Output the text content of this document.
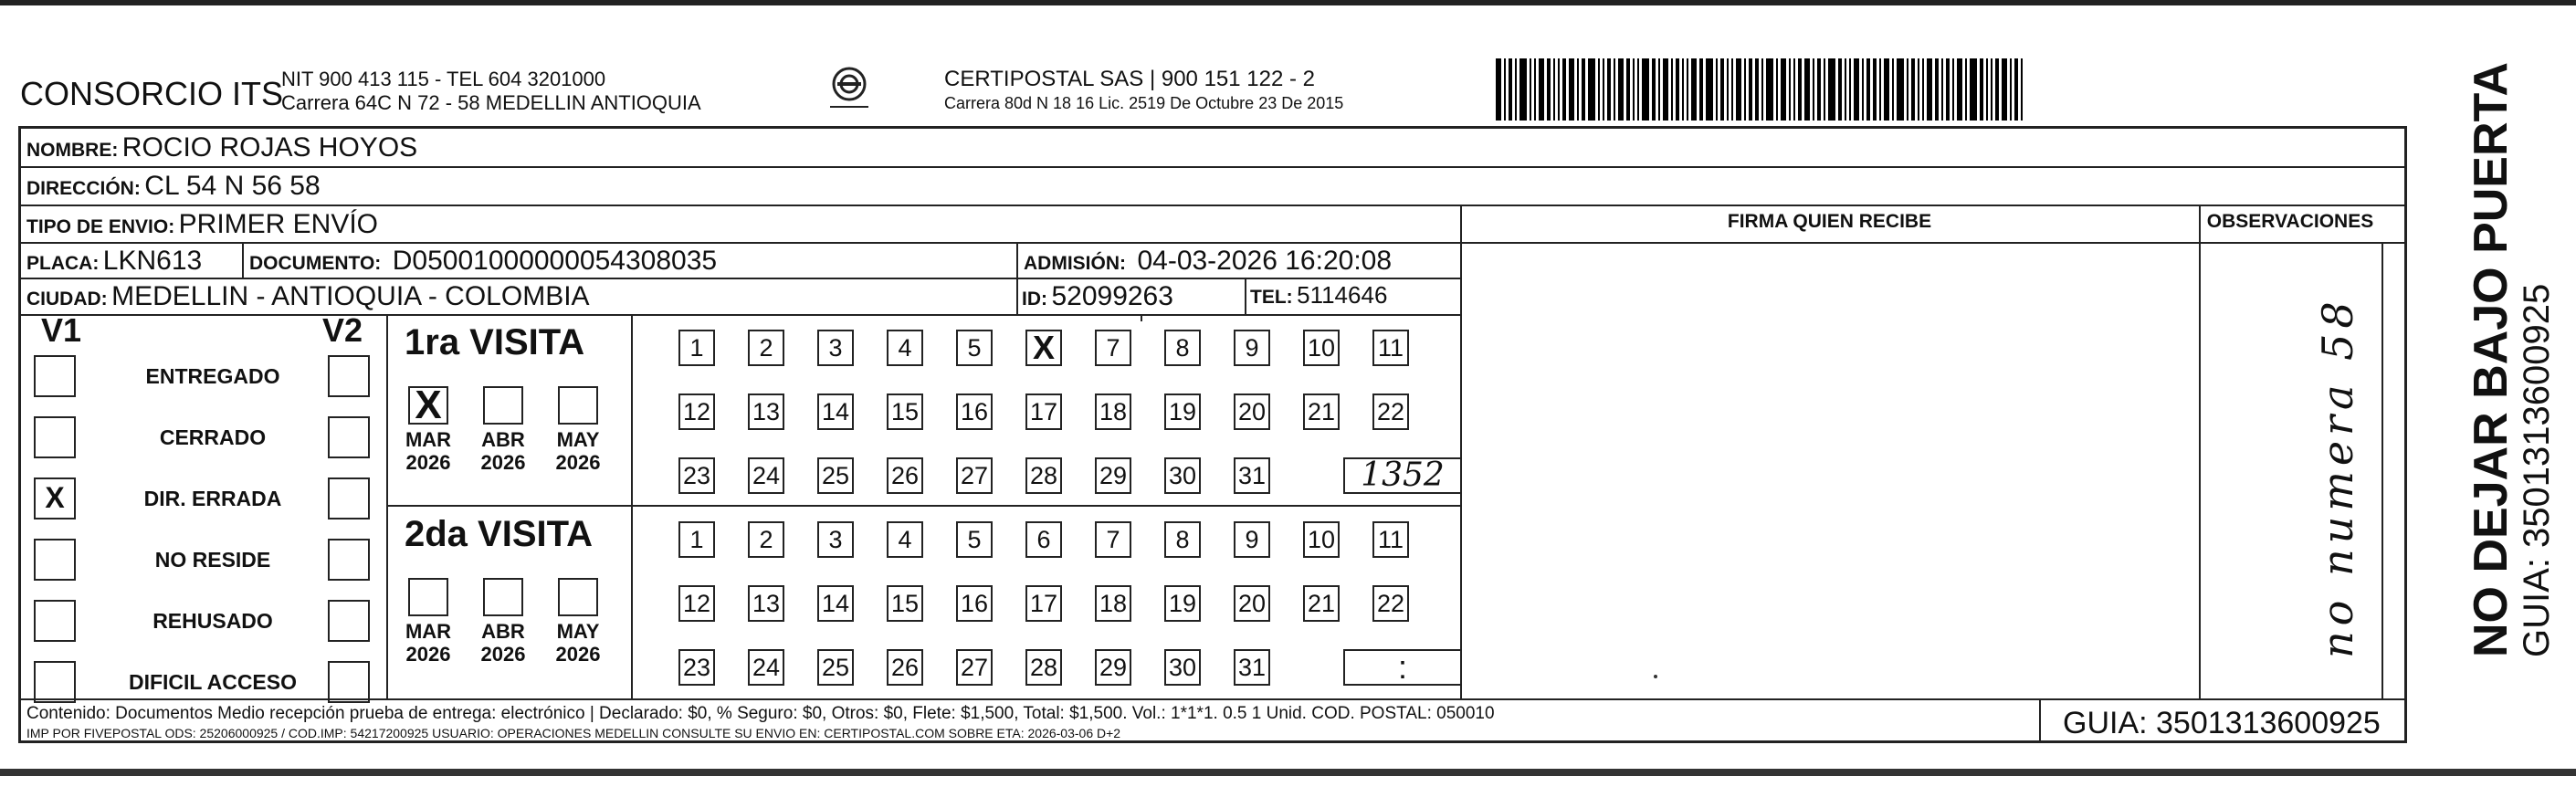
CONSORCIO ITS
NIT 900 413 115 - TEL 604 3201000
Carrera 64C N 72 - 58 MEDELLIN ANTIOQUIA
CERTIPOSTAL SAS | 900 151 122 - 2
Carrera 80d N 18 16 Lic. 2519 De Octubre 23 De 2015
NOMBRE: ROCIO ROJAS HOYOS
DIRECCIÓN: CL 54 N 56 58
TIPO DE ENVIO: PRIMER ENVÍO	FIRMA QUIEN RECIBE	OBSERVACIONES
PLACA: LKN613 DOCUMENTO: D05001000000054308035	ADMISIÓN: 04-03-2026 16:20:08
CIUDAD: MEDELLIN - ANTIOQUIA - COLOMBIA	ID: 52099263	TEL: 5114646
V1	V2
ENTREGADO
CERRADO
X	DIR. ERRADA
NO RESIDE
REHUSADO
DIFICIL ACCESO
1ra VISITA
X
MAR
2026
ABR
2026
MAY
2026
1	2	3	4	5	X	7	8	9	10 11
12 13 14 15 16 17 18 19 20 21 22
23 24 25 26 27 28 29 30 31	1352
2da VISITA
MAR
2026
ABR
2026
MAY
2026
1	2	3	4	5	6	7	8	9	10 11
12 13 14 15 16 17 18 19 20 21 22
23 24 25 26 27 28 29 30 31	:
no numera 58
Contenido: Documentos Medio recepción prueba de entrega: electrónico | Declarado: $0, % Seguro: $0, Otros: $0, Flete: $1,500, Total: $1,500. Vol.: 1*1*1. 0.5 1 Unid. COD. POSTAL: 050010
IMP POR FIVEPOSTAL ODS: 25206000925 / COD.IMP: 54217200925 USUARIO: OPERACIONES MEDELLIN CONSULTE SU ENVIO EN: CERTIPOSTAL.COM SOBRE ETA: 2026-03-06 D+2	GUIA: 3501313600925
NO DEJAR BAJO PUERTA GUIA: 3501313600925
